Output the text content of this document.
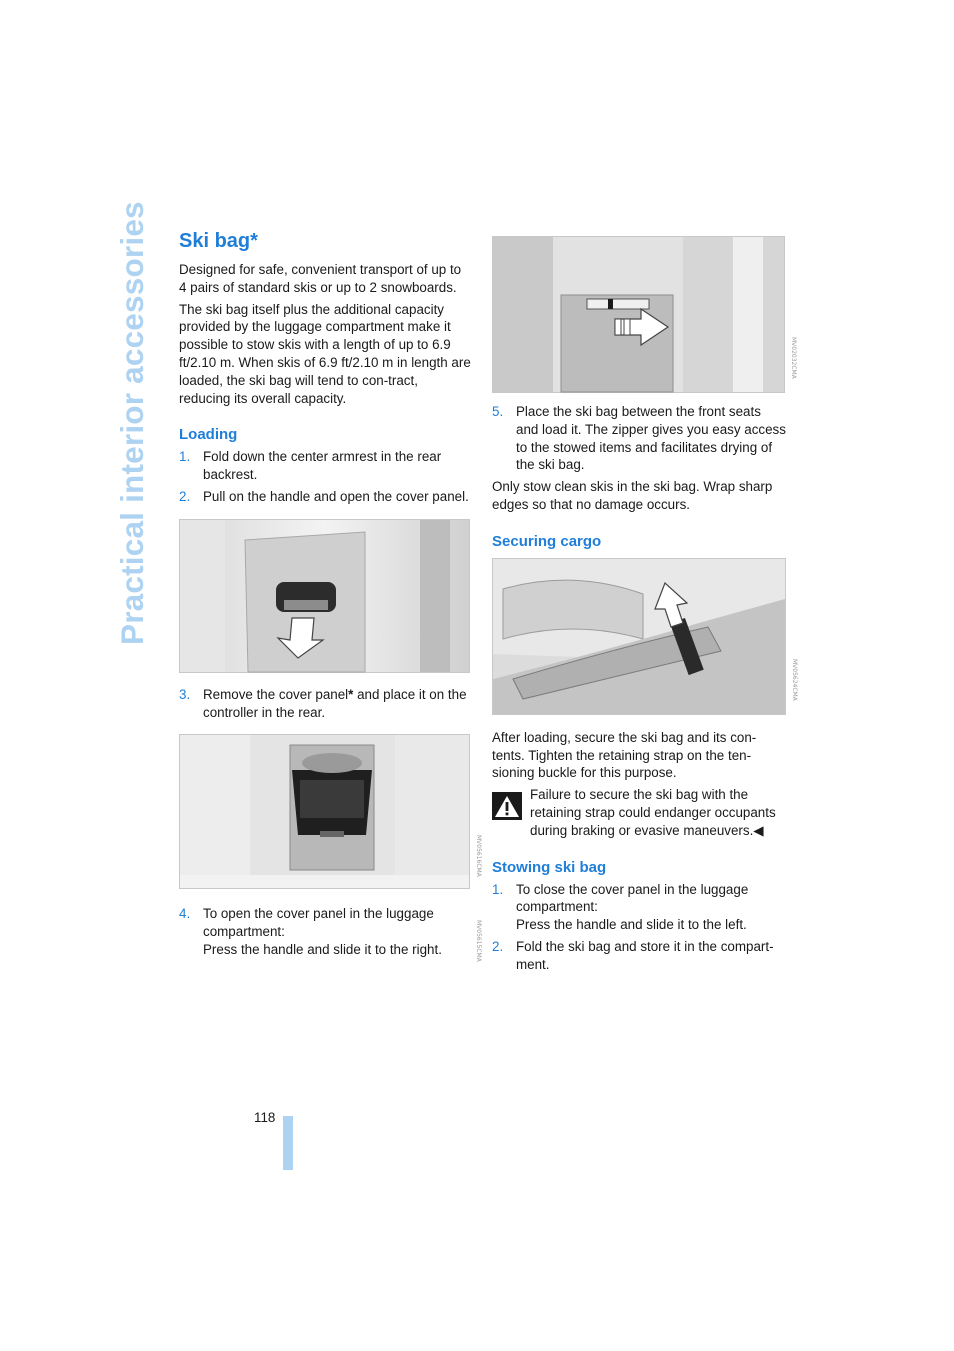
Practical interior accessories Ski bag*

Designed for safe, convenient transport of up to 4 pairs of standard skis or up to 2 snowboards.

The ski bag itself plus the additional capacity provided by the luggage compartment make it possible to stow skis with a length of up to 6.9 ft/2.10 m. When skis of 6.9 ft/2.10 m in length are loaded, the ski bag will tend to con-tract, reducing its overall capacity.

Loading
1. Fold down the center armrest in the rear backrest.
2. Pull on the handle and open the cover panel.
MV05615CMA
3. Remove the cover panel* and place it on the controller in the rear.
MV05616CMA
4. To open the cover panel in the luggage compartment:
Press the handle and slide it to the right.
MV02032CMA
5. Place the ski bag between the front seats and load it. The zipper gives you easy access to the stowed items and facilitates drying of the ski bag.

Only stow clean skis in the ski bag. Wrap sharp edges so that no damage occurs.

Securing cargo
MV05624CMA

After loading, secure the ski bag and its con-tents. Tighten the retaining strap on the ten-sioning buckle for this purpose.

Failure to secure the ski bag with the retaining strap could endanger occupants during braking or evasive maneuvers.◀
Stowing ski bag
1. To close the cover panel in the luggage compartment:
Press the handle and slide it to the left.
2. Fold the ski bag and store it in the compart-ment.
118
